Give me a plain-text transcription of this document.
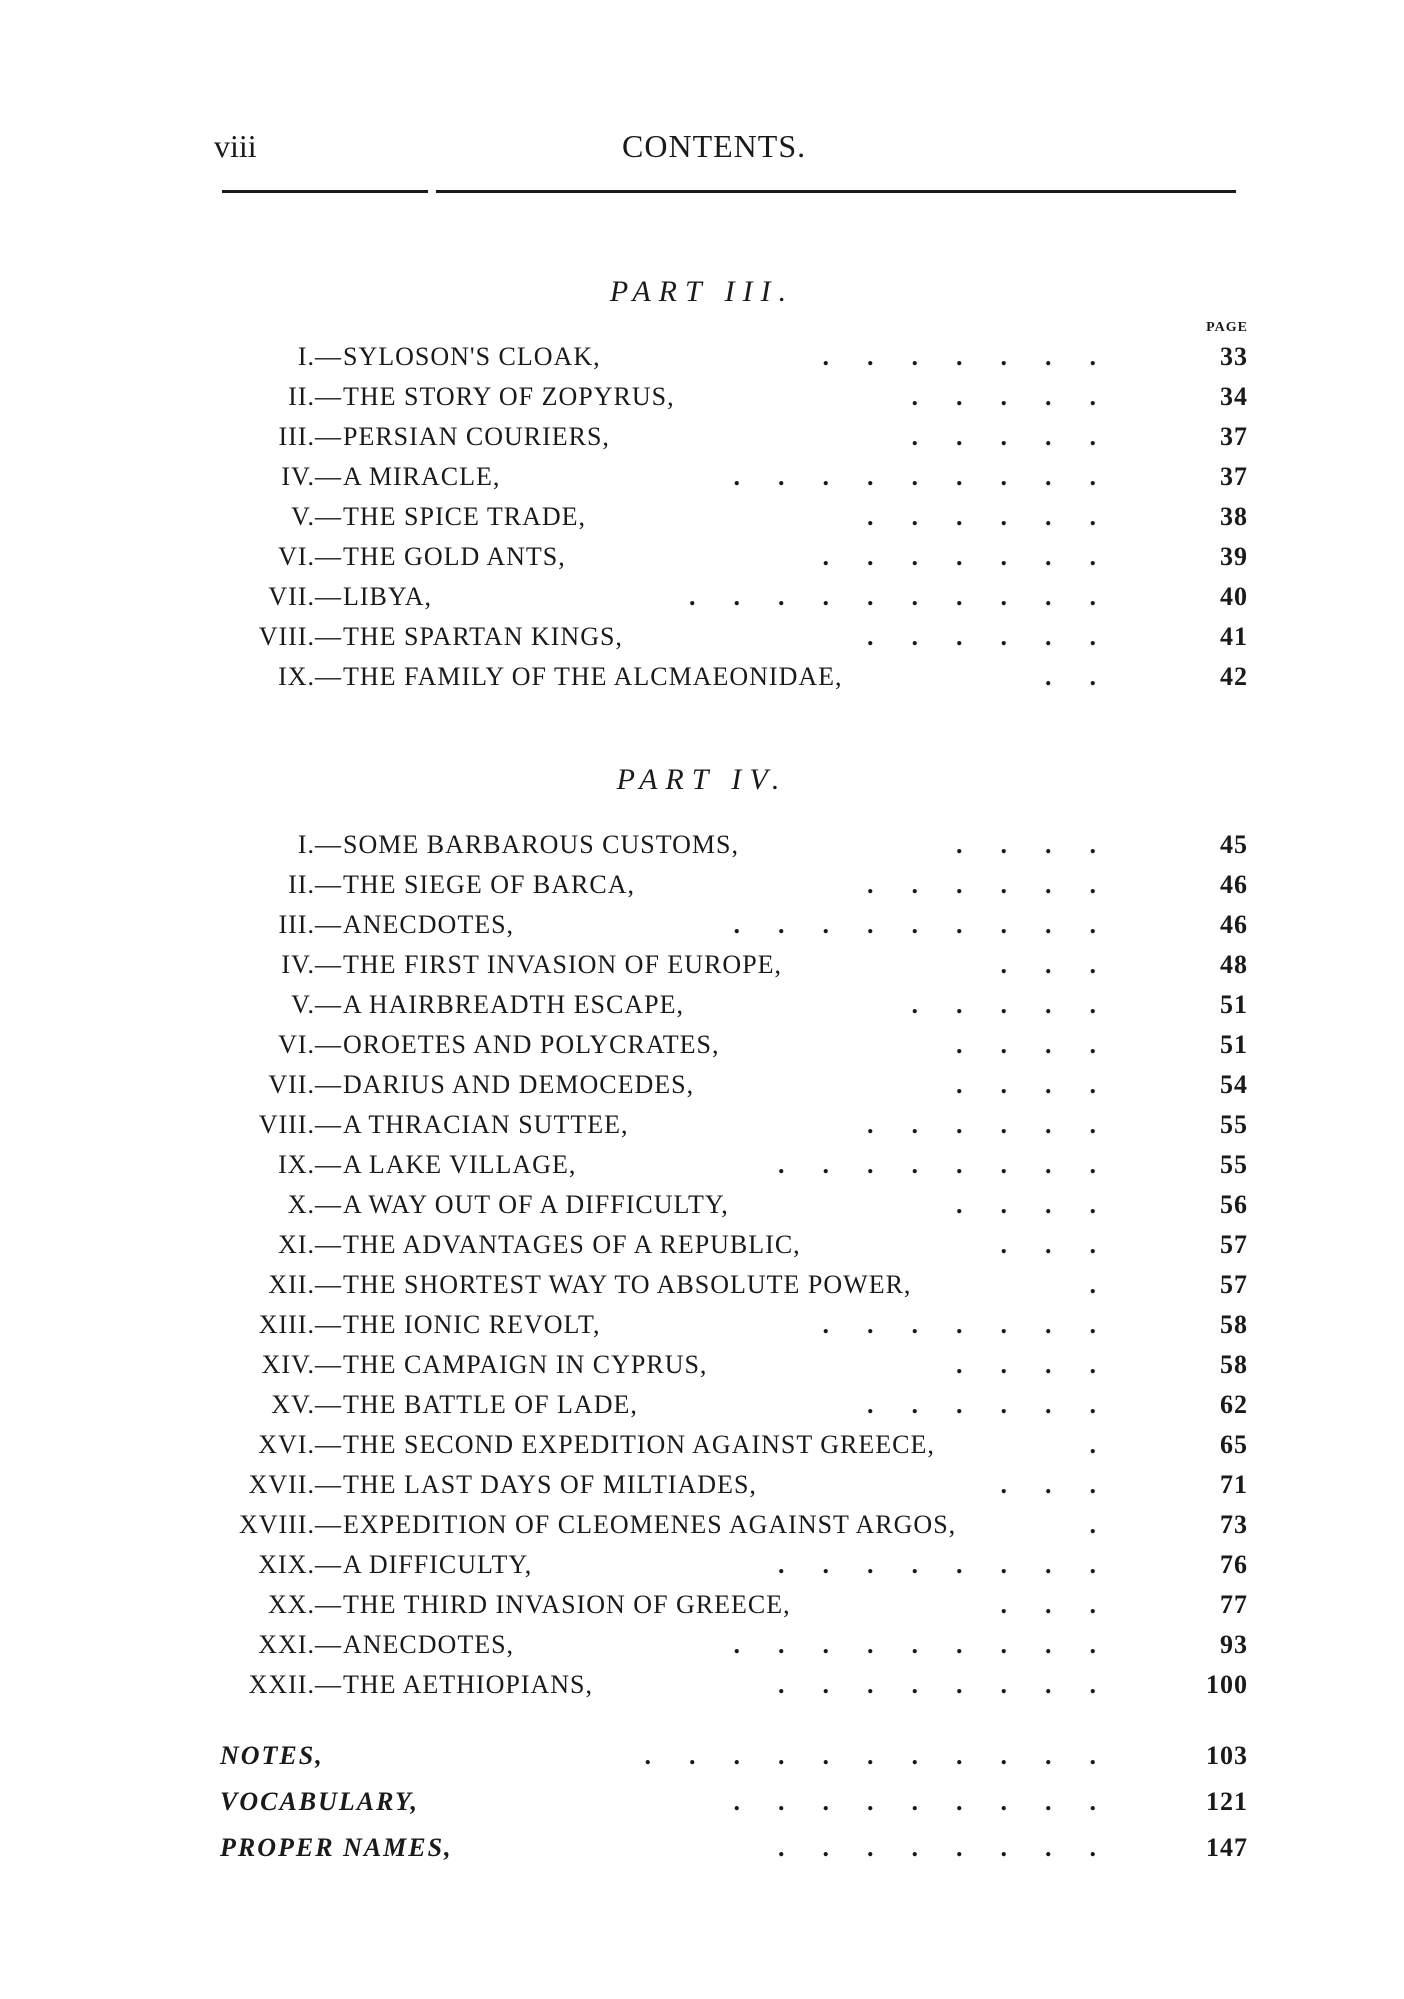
viii	CONTENTS.
PART III.
PAGE
I.— SYLOSON'S CLOAK,	.......	33
II.— THE STORY OF ZOPYRUS,	.....	34
III.— PERSIAN COURIERS,	.....	37
IV.— A MIRACLE,	.........	37
V.— THE SPICE TRADE,	......	38
VI.— THE GOLD ANTS,	.......	39
VII.— LIBYA,	..........	40
VIII.— THE SPARTAN KINGS,	......	41
IX.— THE FAMILY OF THE ALCMAEONIDAE,	..	42
PART IV.
I.— SOME BARBAROUS CUSTOMS,	....	45
II.— THE SIEGE OF BARCA,	......	46
III.— ANECDOTES,	.........	46
IV.— THE FIRST INVASION OF EUROPE,	...	48
V.— A HAIRBREADTH ESCAPE,	.....	51
VI.— OROETES AND POLYCRATES,	....	51
VII.— DARIUS AND DEMOCEDES,	....	54
VIII.— A THRACIAN SUTTEE,	......	55
IX.— A LAKE VILLAGE,	........	55
X.— A WAY OUT OF A DIFFICULTY,	....	56
XI.— THE ADVANTAGES OF A REPUBLIC,	...	57
XII.— THE SHORTEST WAY TO ABSOLUTE POWER,	.	57
XIII.— THE IONIC REVOLT,	.......	58
XIV.— THE CAMPAIGN IN CYPRUS,	....	58
XV.— THE BATTLE OF LADE,	......	62
XVI.— THE SECOND EXPEDITION AGAINST GREECE,	.	65
XVII.— THE LAST DAYS OF MILTIADES,	...	71
XVIII.— EXPEDITION OF CLEOMENES AGAINST ARGOS,	.	73
XIX.— A DIFFICULTY,	........	76
XX.— THE THIRD INVASION OF GREECE,	...	77
XXI.— ANECDOTES,	.........	93
XXII.— THE AETHIOPIANS,	........	100
NOTES,	...........	103
VOCABULARY,	.........	121
PROPER NAMES,	........	147
